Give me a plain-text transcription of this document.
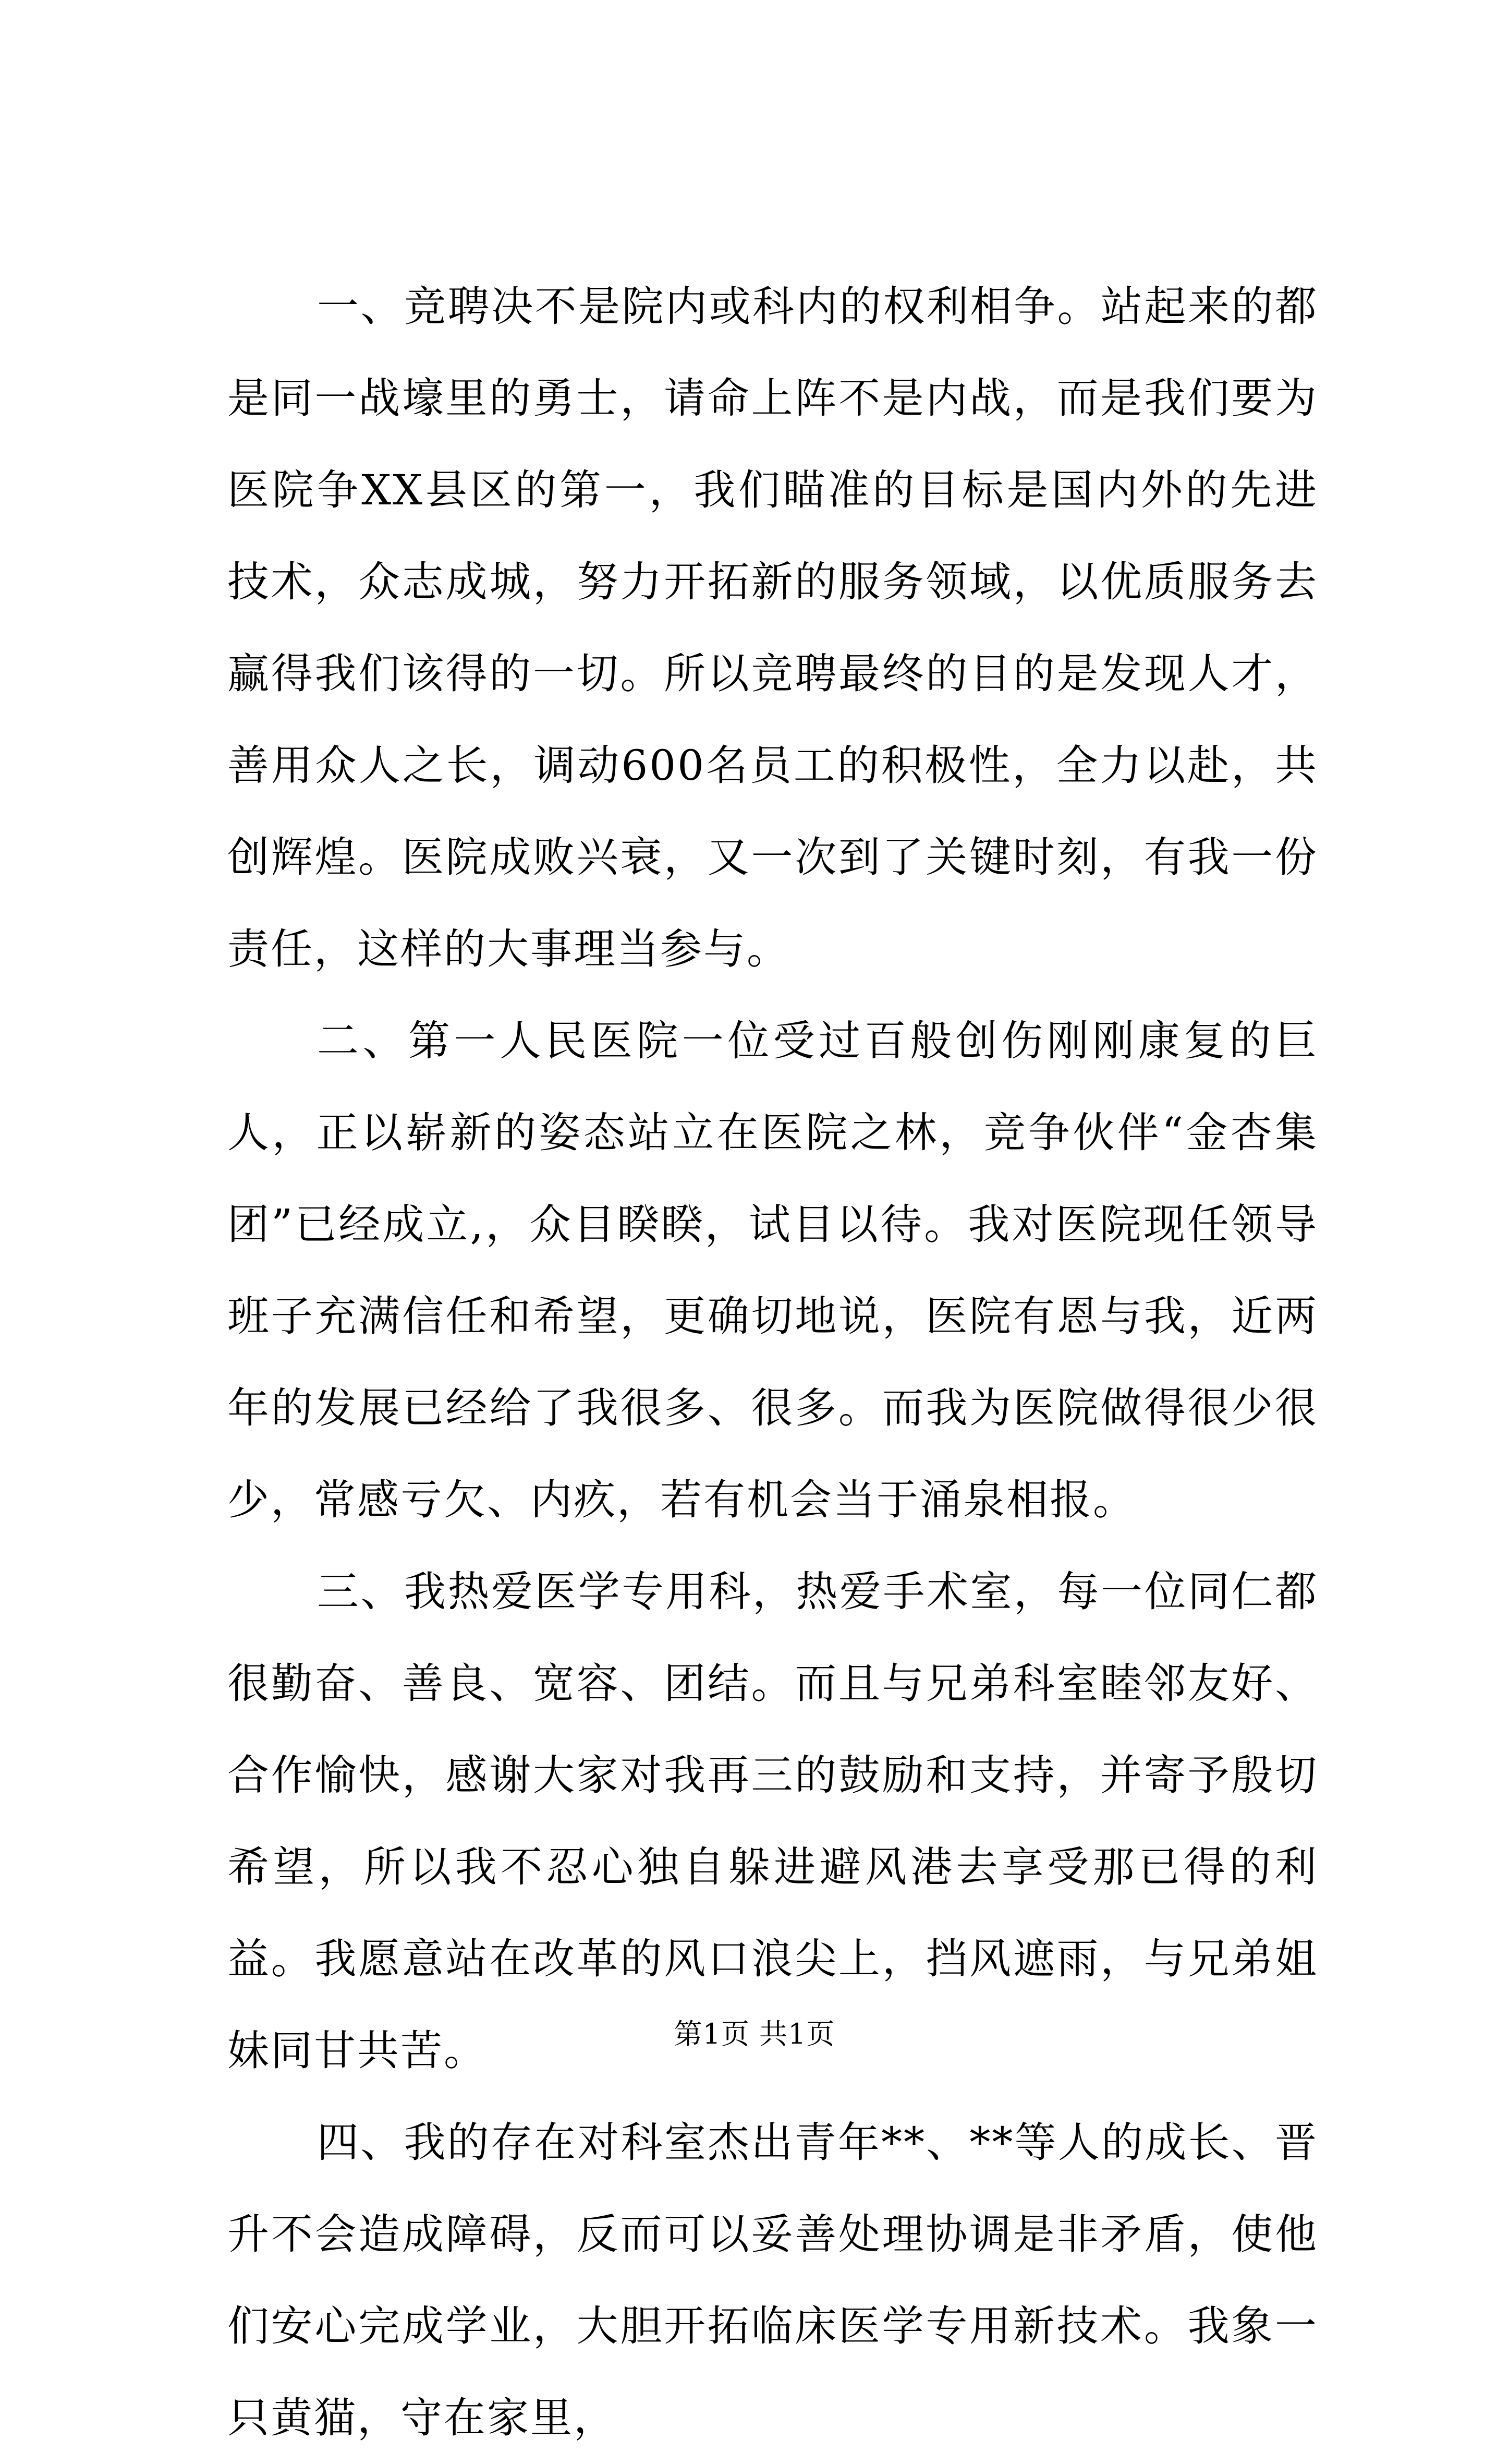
一、竞聘决不是院内或科内的权利相争。站起来的都是同一战壕里的勇士，请命上阵不是内战，而是我们要为医院争XX县区的第一，我们瞄准的目标是国内外的先进技术，众志成城，努力开拓新的服务领域，以优质服务去赢得我们该得的一切。所以竞聘最终的目的是发现人才，善用众人之长，调动600名员工的积极性，全力以赴，共创辉煌。医院成败兴衰，又一次到了关键时刻，有我一份责任，这样的大事理当参与。

二、第一人民医院一位受过百般创伤刚刚康复的巨人，正以崭新的姿态站立在医院之林，竞争伙伴“金杏集团”已经成立,，众目睽睽，试目以待。我对医院现任领导班子充满信任和希望，更确切地说，医院有恩与我，近两年的发展已经给了我很多、很多。而我为医院做得很少很少，常感亏欠、内疚，若有机会当于涌泉相报。

三、我热爱医学专用科，热爱手术室，每一位同仁都很勤奋、善良、宽容、团结。而且与兄弟科室睦邻友好、合作愉快，感谢大家对我再三的鼓励和支持，并寄予殷切希望，所以我不忍心独自躲进避风港去享受那已得的利益。我愿意站在改革的风口浪尖上，挡风遮雨，与兄弟姐妹同甘共苦。

四、我的存在对科室杰出青年**、**等人的成长、晋升不会造成障碍，反而可以妥善处理协调是非矛盾，使他们安心完成学业，大胆开拓临床医学专用新技术。我象一只黄猫，守在家里，

第1页 共1页
